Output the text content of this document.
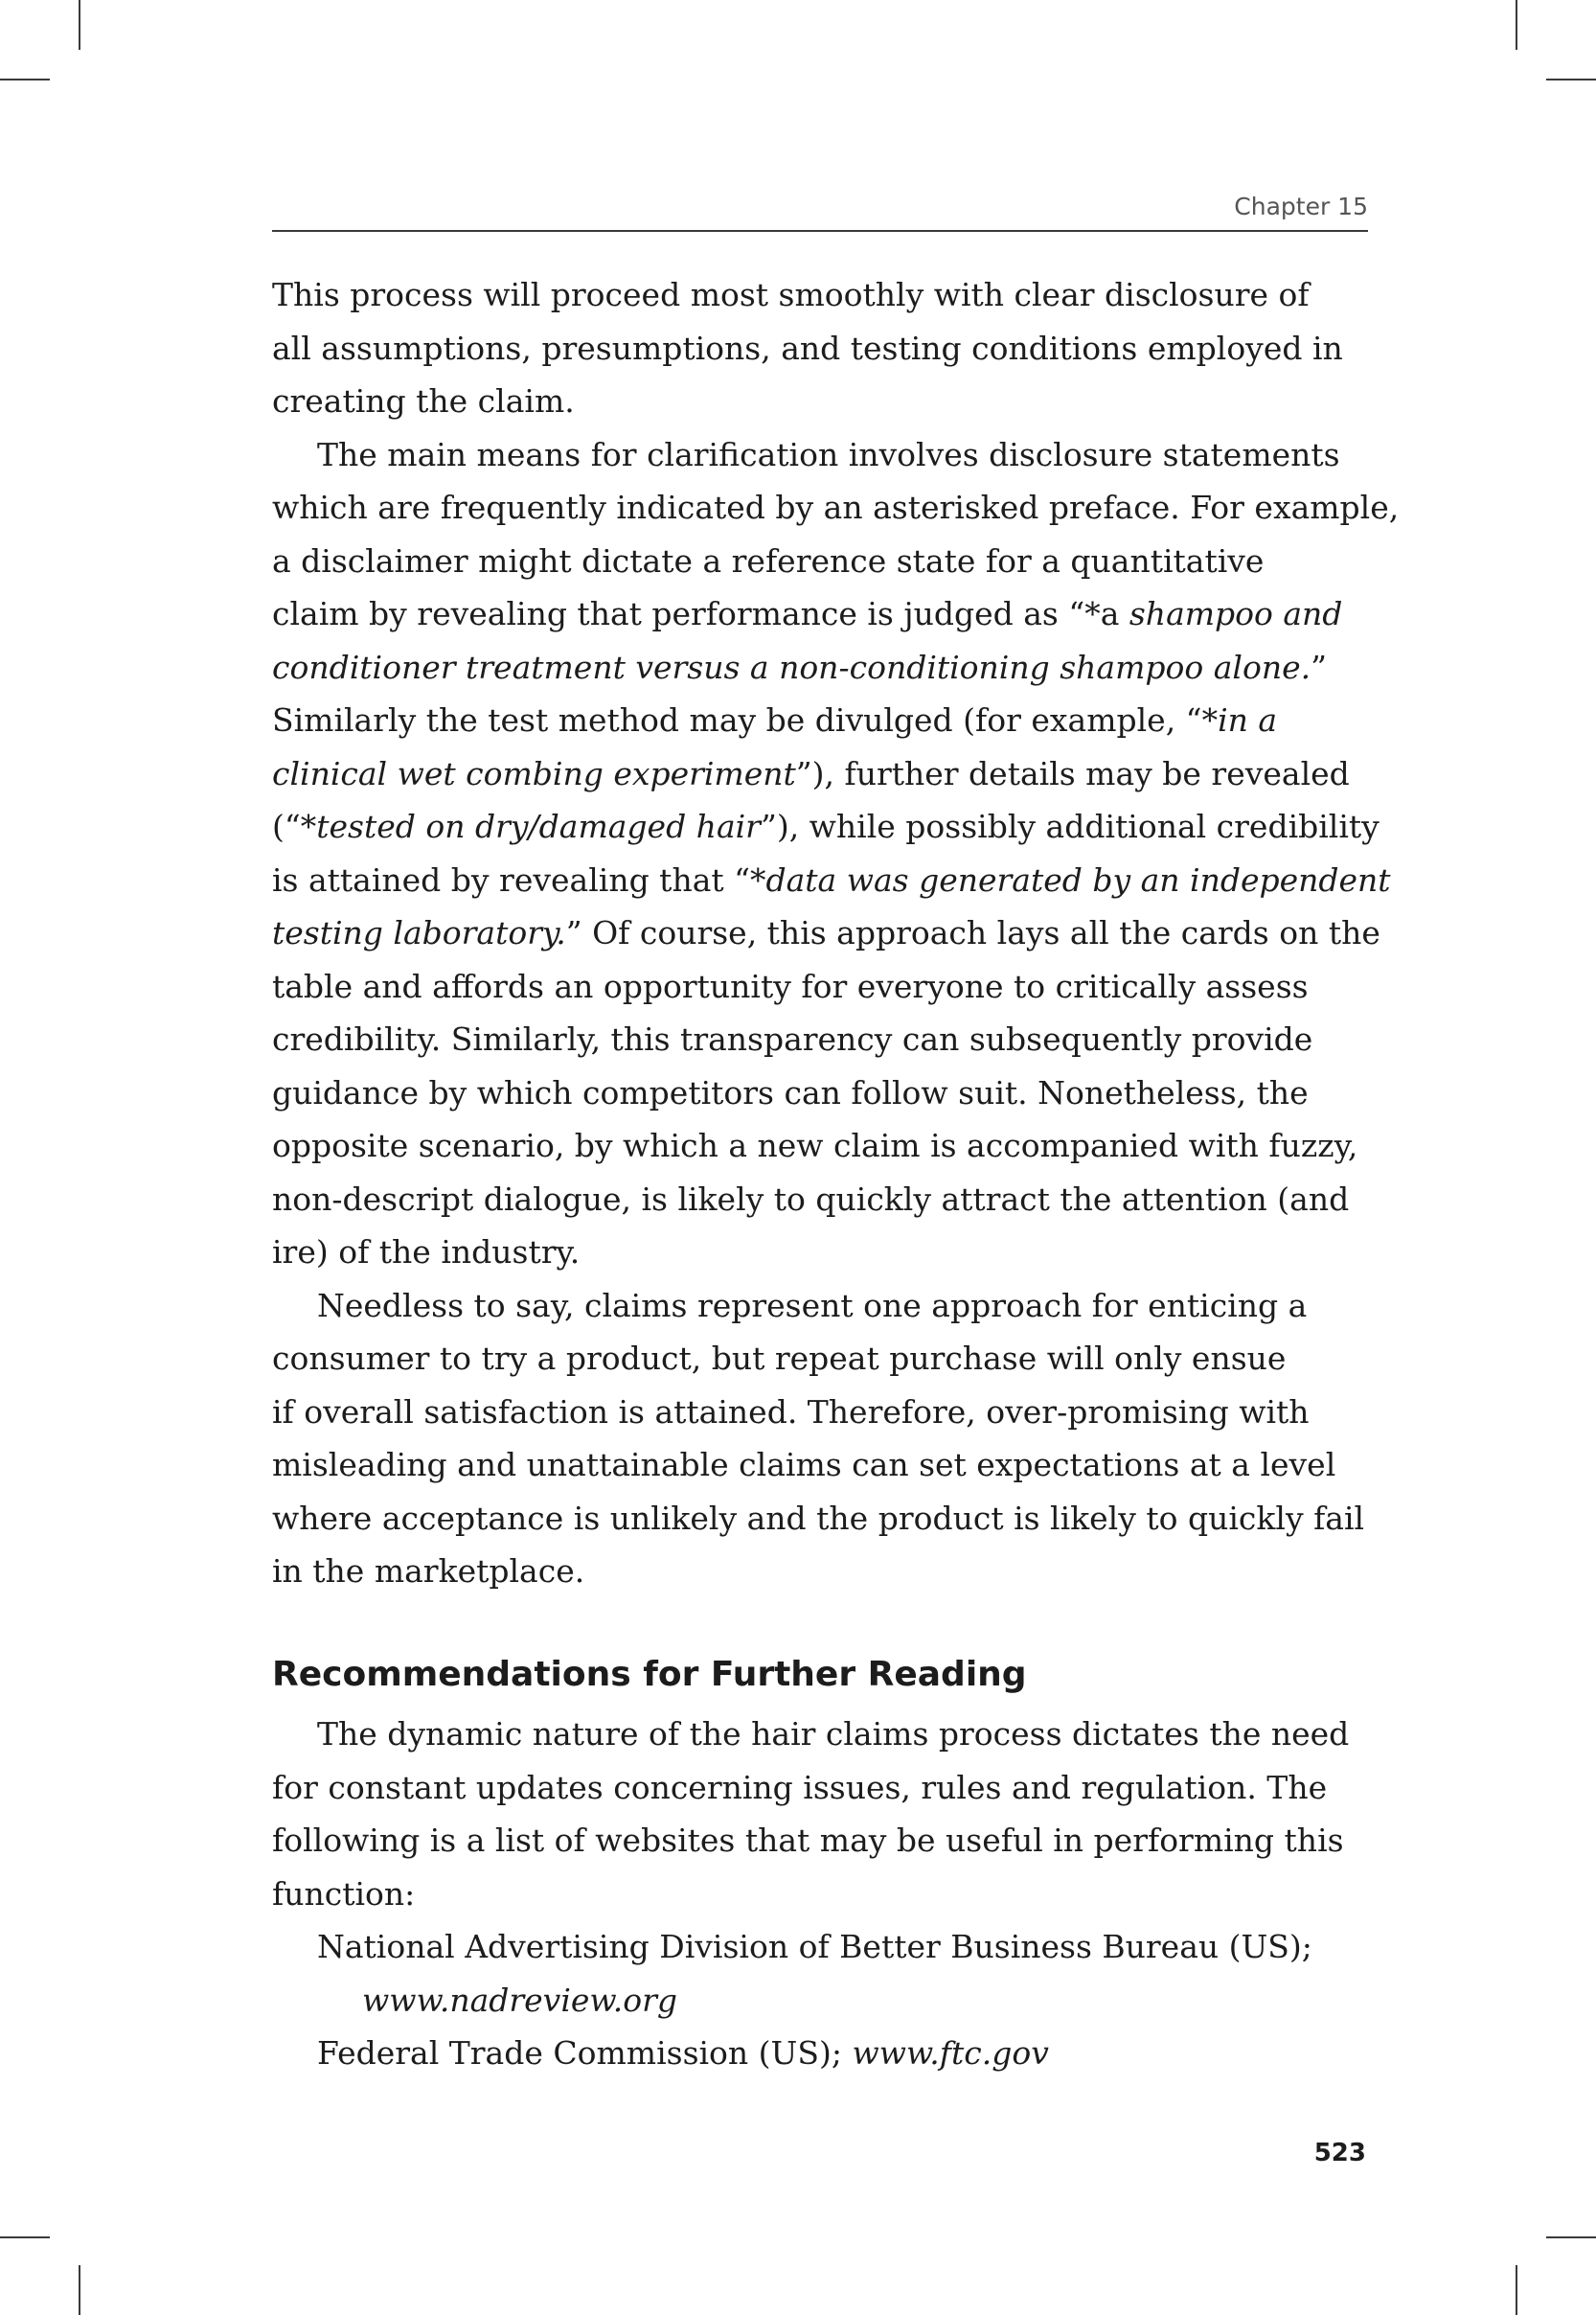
Chapter 15
This process will proceed most smoothly with clear disclosure of
all assumptions, presumptions, and testing conditions employed in
creating the claim.
The main means for clarification involves disclosure statements
which are frequently indicated by an asterisked preface. For example,
a disclaimer might dictate a reference state for a quantitative
claim by revealing that performance is judged as “*a shampoo and
conditioner treatment versus a non-conditioning shampoo alone.”
Similarly the test method may be divulged (for example, “*in a
clinical wet combing experiment”), further details may be revealed
(“*tested on dry/damaged hair”), while possibly additional credibility
is attained by revealing that “*data was generated by an independent
testing laboratory.” Of course, this approach lays all the cards on the
table and affords an opportunity for everyone to critically assess
credibility. Similarly, this transparency can subsequently provide
guidance by which competitors can follow suit. Nonetheless, the
opposite scenario, by which a new claim is accompanied with fuzzy,
non-descript dialogue, is likely to quickly attract the attention (and
ire) of the industry.
Needless to say, claims represent one approach for enticing a
consumer to try a product, but repeat purchase will only ensue
if overall satisfaction is attained. Therefore, over-promising with
misleading and unattainable claims can set expectations at a level
where acceptance is unlikely and the product is likely to quickly fail
in the marketplace.
Recommendations for Further Reading
The dynamic nature of the hair claims process dictates the need
for constant updates concerning issues, rules and regulation. The
following is a list of websites that may be useful in performing this
function:
National Advertising Division of Better Business Bureau (US);
www.nadreview.org
Federal Trade Commission (US); www.ftc.gov
523
